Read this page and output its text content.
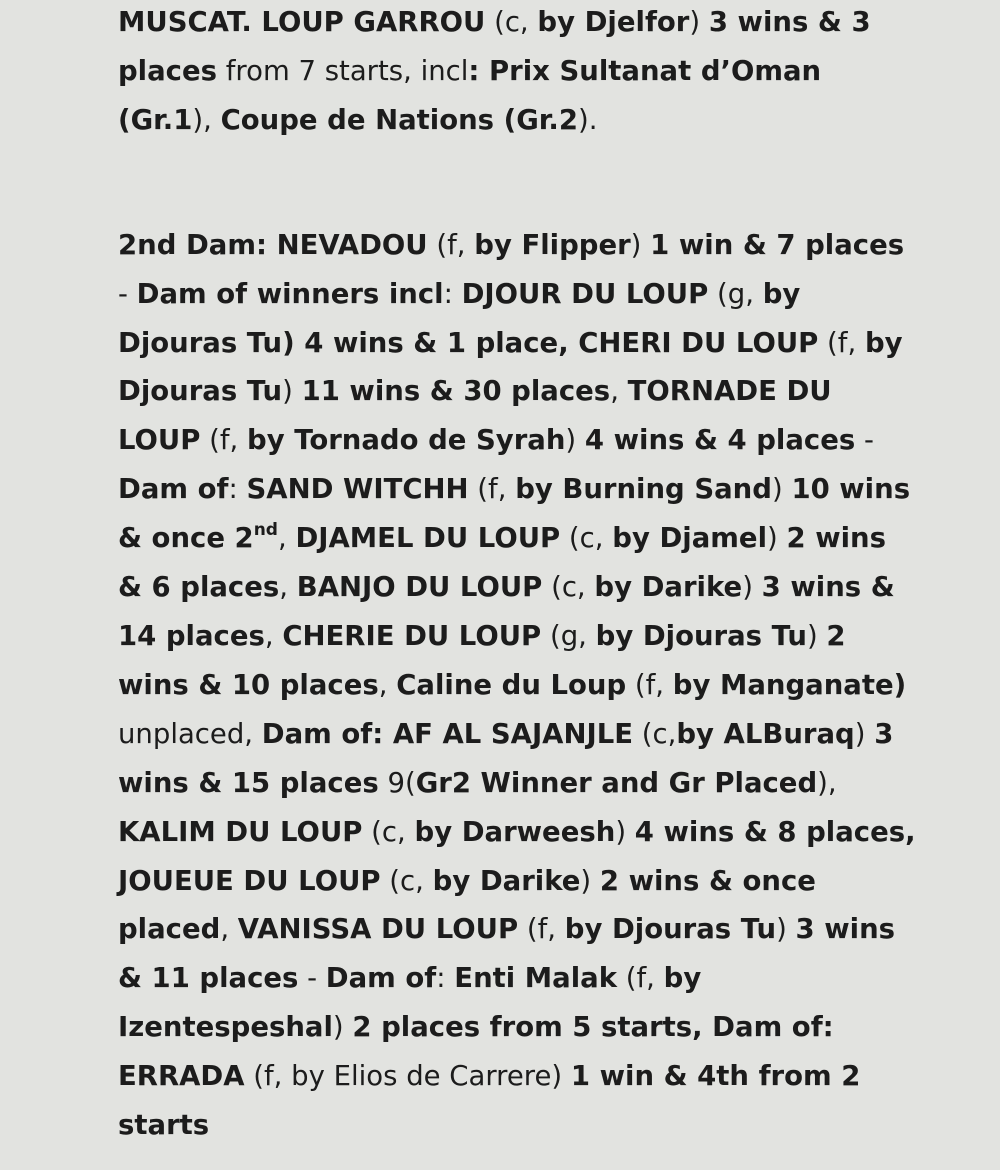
MUSCAT. LOUP GARROU (c, by Djelfor) 3 wins & 3 places from 7 starts, incl: Prix Sultanat d’Oman (Gr.1), Coupe de Nations (Gr.2).

2nd Dam: NEVADOU (f, by Flipper) 1 win & 7 places - Dam of winners incl: DJOUR DU LOUP (g, by Djouras Tu) 4 wins & 1 place, CHERI DU LOUP (f, by Djouras Tu) 11 wins & 30 places, TORNADE DU LOUP (f, by Tornado de Syrah) 4 wins & 4 places - Dam of: SAND WITCHH (f, by Burning Sand) 10 wins & once 2nd, DJAMEL DU LOUP (c, by Djamel) 2 wins & 6 places, BANJO DU LOUP (c, by Darike) 3 wins & 14 places, CHERIE DU LOUP (g, by Djouras Tu) 2 wins & 10 places, Caline du Loup (f, by Manganate) unplaced, Dam of: AF AL SAJANJLE (c,by ALBuraq) 3 wins & 15 places 9(Gr2 Winner and Gr Placed), KALIM DU LOUP (c, by Darweesh) 4 wins & 8 places, JOUEUE DU LOUP (c, by Darike) 2 wins & once placed, VANISSA DU LOUP (f, by Djouras Tu) 3 wins & 11 places - Dam of: Enti Malak (f, by Izentespeshal) 2 places from 5 starts, Dam of: ERRADA (f, by Elios de Carrere) 1 win & 4th from 2 starts
